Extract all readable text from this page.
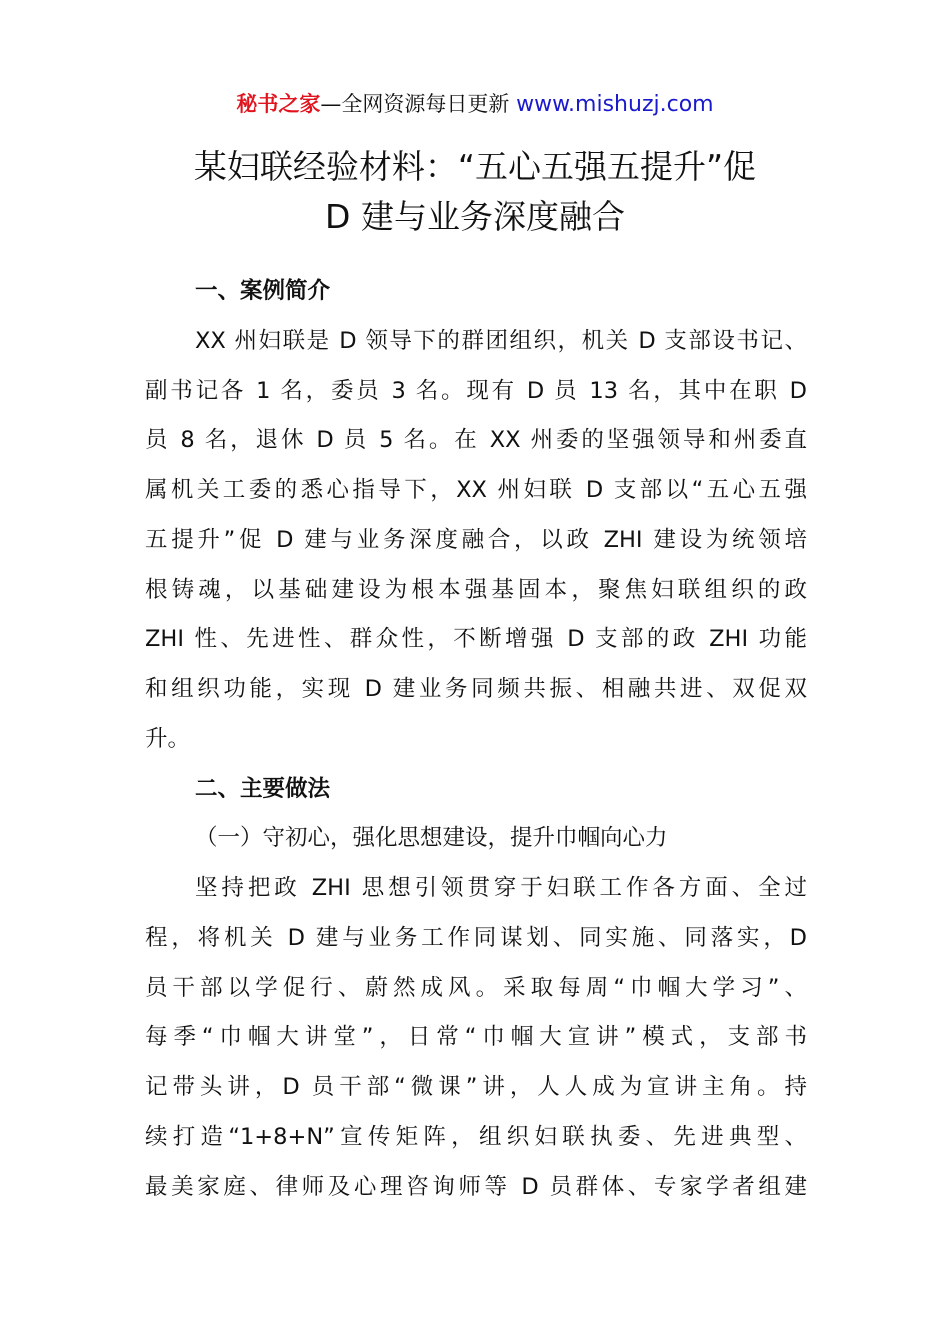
秘书之家—全网资源每日更新 www.mishuzj.com
某妇联经验材料：“五心五强五提升”促
D 建与业务深度融合
一、案例简介
XX 州妇联是 D 领导下的群团组织，机关 D 支部设书记、
副书记各 1 名，委员 3 名。现有 D 员 13 名，其中在职 D
员 8 名，退休 D 员 5 名。在 XX 州委的坚强领导和州委直
属机关工委的悉心指导下，XX 州妇联 D 支部以“五心五强
五提升”促 D 建与业务深度融合，以政 ZHI 建设为统领培
根铸魂，以基础建设为根本强基固本，聚焦妇联组织的政
ZHI 性、先进性、群众性，不断增强 D 支部的政 ZHI 功能
和组织功能，实现 D 建业务同频共振、相融共进、双促双
升。
二、主要做法
（一）守初心，强化思想建设，提升巾帼向心力
坚持把政 ZHI 思想引领贯穿于妇联工作各方面、全过
程，将机关 D 建与业务工作同谋划、同实施、同落实，D
员干部以学促行、蔚然成风。采取每周“巾帼大学习”、
每季“巾帼大讲堂”，日常“巾帼大宣讲”模式，支部书
记带头讲，D 员干部“微课”讲，人人成为宣讲主角。持
续打造“1+8+N”宣传矩阵，组织妇联执委、先进典型、
最美家庭、律师及心理咨询师等 D 员群体、专家学者组建
